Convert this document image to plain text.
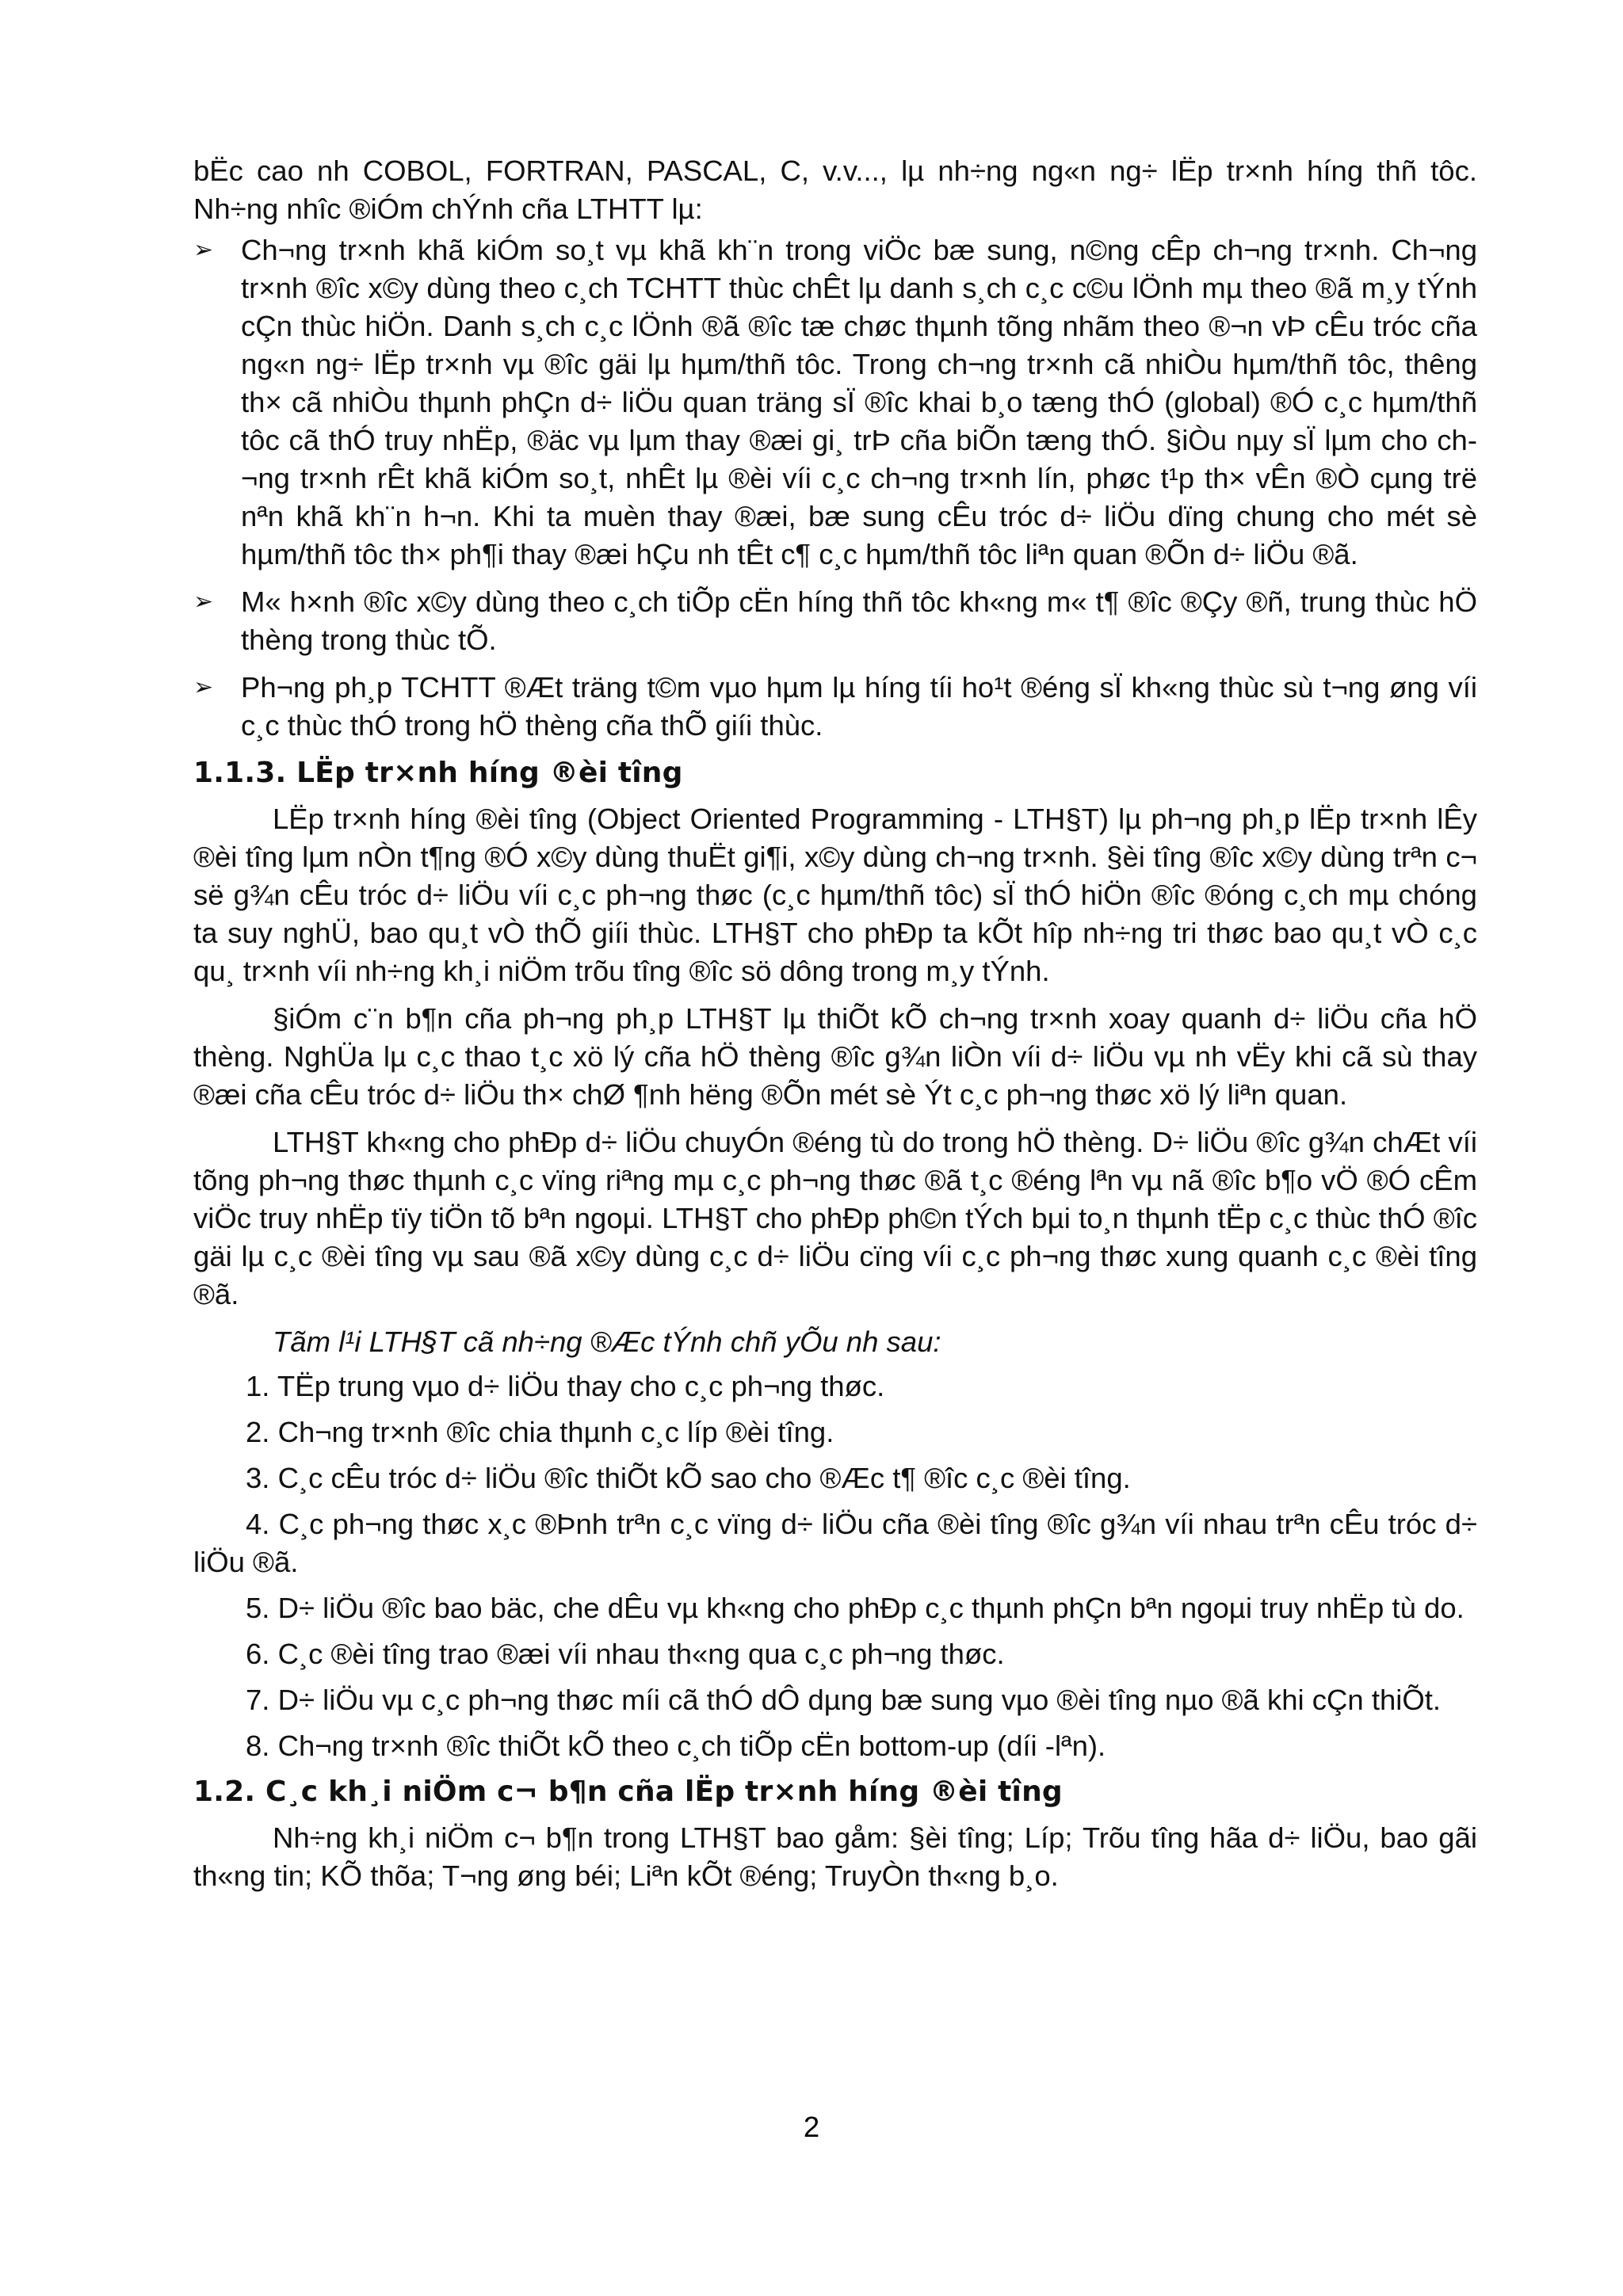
bËc cao nh COBOL, FORTRAN, PASCAL, C, v.v..., lµ nh÷ng ng«n ng÷ lËp tr×nh híng thñ tôc. Nh÷ng nhîc ®iÓm chÝnh cña LTHTT lµ:

➢ Ch¬ng tr×nh khã kiÓm so¸t vµ khã kh¨n trong viÖc bæ sung, n©ng cÊp ch¬ng tr×nh. Ch¬ng tr×nh ®îc x©y dùng theo c¸ch TCHTT thùc chÊt lµ danh s¸ch c¸c c©u lÖnh mµ theo ®ã m¸y tÝnh cÇn thùc hiÖn. Danh s¸ch c¸c lÖnh ®ã ®îc tæ chøc thµnh tõng nhãm theo ®¬n vÞ cÊu tróc cña ng«n ng÷ lËp tr×nh vµ ®îc gäi lµ hµm/thñ tôc. Trong ch¬ng tr×nh cã nhiÒu hµm/thñ tôc, thêng th× cã nhiÒu thµnh phÇn d÷ liÖu quan träng sÏ ®îc khai b¸o tæng thÓ (global) ®Ó c¸c hµm/thñ tôc cã thÓ truy nhËp, ®äc vµ lµm thay ®æi gi¸ trÞ cña biÕn tæng thÓ. §iÒu nµy sÏ lµm cho ch¬ng tr×nh rÊt khã kiÓm so¸t, nhÊt lµ ®èi víi c¸c ch¬ng tr×nh lín, phøc t¹p th× vÊn ®Ò cµng trë nªn khã kh¨n h¬n. Khi ta muèn thay ®æi, bæ sung cÊu tróc d÷ liÖu dïng chung cho mét sè hµm/thñ tôc th× ph¶i thay ®æi hÇu nh tÊt c¶ c¸c hµm/thñ tôc liªn quan ®Õn d÷ liÖu ®ã.
➢ M« h×nh ®îc x©y dùng theo c¸ch tiÕp cËn híng thñ tôc kh«ng m« t¶ ®îc ®Çy ®ñ, trung thùc hÖ thèng trong thùc tÕ.
➢ Ph¬ng ph¸p TCHTT ®Æt träng t©m vµo hµm lµ híng tíi ho¹t ®éng sÏ kh«ng thùc sù t¬ng øng víi c¸c thùc thÓ trong hÖ thèng cña thÕ giíi thùc.
1.1.3. LËp tr×nh híng ®èi tîng

LËp tr×nh híng ®èi tîng (Object Oriented Programming - LTH§T) lµ ph¬ng ph¸p lËp tr×nh lÊy ®èi tîng lµm nÒn t¶ng ®Ó x©y dùng thuËt gi¶i, x©y dùng ch¬ng tr×nh. §èi tîng ®îc x©y dùng trªn c¬ së g¾n cÊu tróc d÷ liÖu víi c¸c ph¬ng thøc (c¸c hµm/thñ tôc) sÏ thÓ hiÖn ®îc ®óng c¸ch mµ chóng ta suy nghÜ, bao qu¸t vÒ thÕ giíi thùc. LTH§T cho phÐp ta kÕt hîp nh÷ng tri thøc bao qu¸t vÒ c¸c qu¸ tr×nh víi nh÷ng kh¸i niÖm trõu tîng ®îc sö dông trong m¸y tÝnh.

§iÓm c¨n b¶n cña ph¬ng ph¸p LTH§T lµ thiÕt kÕ ch¬ng tr×nh xoay quanh d÷ liÖu cña hÖ thèng. NghÜa lµ c¸c thao t¸c xö lý cña hÖ thèng ®îc g¾n liÒn víi d÷ liÖu vµ nh vËy khi cã sù thay ®æi cña cÊu tróc d÷ liÖu th× chØ ¶nh hëng ®Õn mét sè Ýt c¸c ph¬ng thøc xö lý liªn quan.

LTH§T kh«ng cho phÐp d÷ liÖu chuyÓn ®éng tù do trong hÖ thèng. D÷ liÖu ®îc g¾n chÆt víi tõng ph¬ng thøc thµnh c¸c vïng riªng mµ c¸c ph¬ng thøc ®ã t¸c ®éng lªn vµ nã ®îc b¶o vÖ ®Ó cÊm viÖc truy nhËp tïy tiÖn tõ bªn ngoµi. LTH§T cho phÐp ph©n tÝch bµi to¸n thµnh tËp c¸c thùc thÓ ®îc gäi lµ c¸c ®èi tîng vµ sau ®ã x©y dùng c¸c d÷ liÖu cïng víi c¸c ph¬ng thøc xung quanh c¸c ®èi tîng ®ã.

Tãm l¹i LTH§T cã nh÷ng ®Æc tÝnh chñ yÕu nh sau:

1. TËp trung vµo d÷ liÖu thay cho c¸c ph¬ng thøc.
2. Ch¬ng tr×nh ®îc chia thµnh c¸c líp ®èi tîng.
3. C¸c cÊu tróc d÷ liÖu ®îc thiÕt kÕ sao cho ®Æc t¶ ®îc c¸c ®èi tîng.
4. C¸c ph¬ng thøc x¸c ®Þnh trªn c¸c vïng d÷ liÖu cña ®èi tîng ®îc g¾n víi nhau trªn cÊu tróc d÷ liÖu ®ã.
5. D÷ liÖu ®îc bao bäc, che dÊu vµ kh«ng cho phÐp c¸c thµnh phÇn bªn ngoµi truy nhËp tù do.
6. C¸c ®èi tîng trao ®æi víi nhau th«ng qua c¸c ph¬ng thøc.
7. D÷ liÖu vµ c¸c ph¬ng thøc míi cã thÓ dÔ dµng bæ sung vµo ®èi tîng nµo ®ã khi cÇn thiÕt.
8. Ch¬ng tr×nh ®îc thiÕt kÕ theo c¸ch tiÕp cËn bottom-up (díi -lªn).
1.2. C¸c kh¸i niÖm c¬ b¶n cña lËp tr×nh híng ®èi tîng

Nh÷ng kh¸i niÖm c¬ b¶n trong LTH§T bao gåm: §èi tîng; Líp; Trõu tîng hãa d÷ liÖu, bao gãi th«ng tin; KÕ thõa; T¬ng øng béi; Liªn kÕt ®éng; TruyÒn th«ng b¸o.

2
